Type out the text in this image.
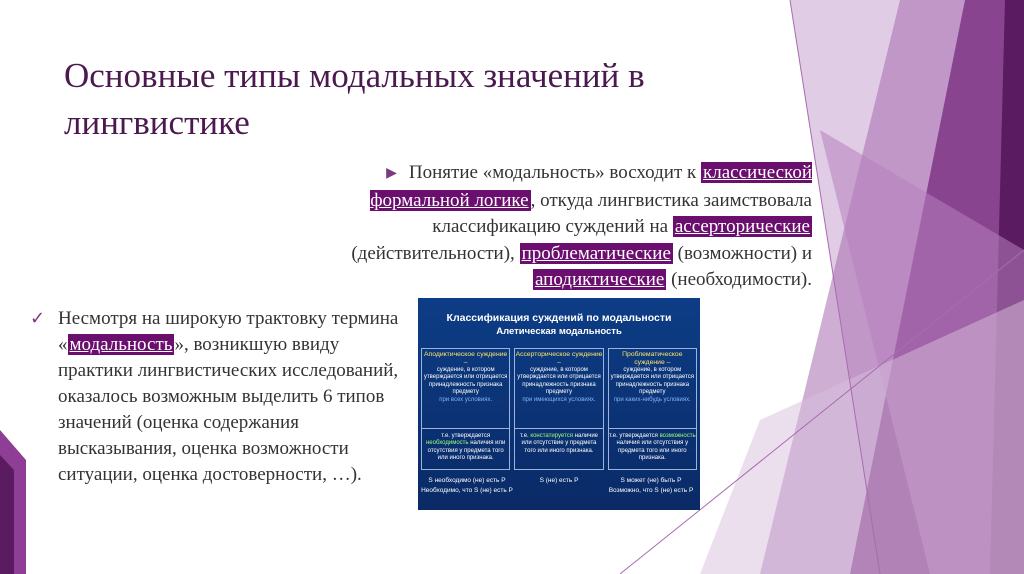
Основные типы модальных значений в лингвистике
▶ Понятие «модальность» восходит к классической формальной логике , откуда лингвистика заимствовала классификацию суждений на ассерторические (действительности), проблематические (возможности) и аподиктические (необходимости).
✓ Несмотря на широкую трактовку термина « модальность », возникшую ввиду практики лингвистических исследований, оказалось возможным выделить 6 типов значений (оценка содержания высказывания, оценка возможности ситуации, оценка достоверности, …).
Классификация суждений по модальности
Алетическая модальность
Аподиктическое суждение –
суждение, в котором утверждается или отрицается принадлежность признака предмету
при всех условиях.
т.е. утверждается необходимость наличия или отсутствия у предмета того или иного признака.
Ассерторическое суждение –
суждение, в котором утверждается или отрицается принадлежность признака предмету
при имеющихся условиях.
т.е. констатируется наличие или отсутствие у предмета того или иного признака.
Проблематическое суждение –
суждение, в котором утверждается или отрицается принадлежность признака предмету
при каких-нибудь условиях.
т.е. утверждается возможность наличия или отсутствия у предмета того или иного признака.
S необходимо (не) есть P
Необходимо, что S (не) есть P
S (не) есть P	S может (не) быть P
Возможно, что S (не) есть P
